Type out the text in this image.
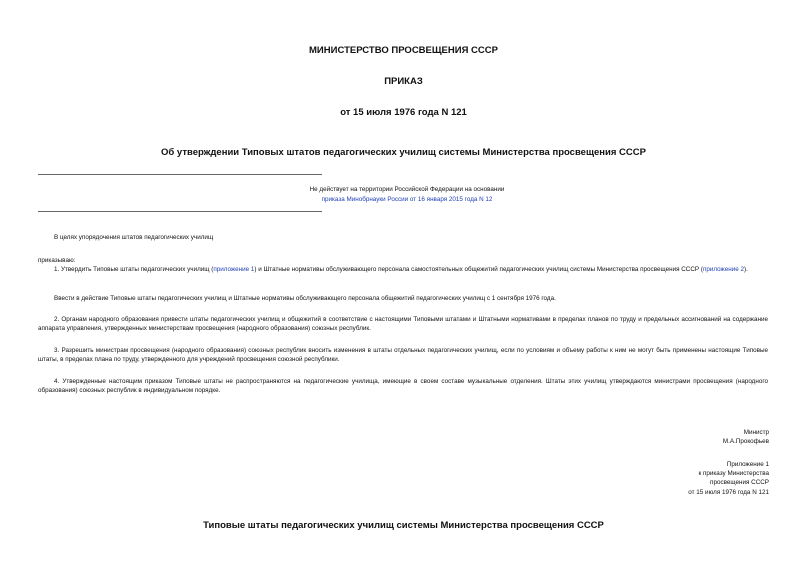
МИНИСТЕРСТВО ПРОСВЕЩЕНИЯ СССР
ПРИКАЗ
от 15 июля 1976 года N 121
Об утверждении Типовых штатов педагогических училищ системы Министерства просвещения СССР
Не действует на территории Российской Федерации на основании
приказа Минобрнауки России от 16 января 2015 года N 12
В целях упорядочения штатов педагогических училищ
приказываю:
1. Утвердить Типовые штаты педагогических училищ (приложение 1) и Штатные нормативы обслуживающего персонала самостоятельных общежитий педагогических училищ системы Министерства просвещения СССР (приложение 2).
Ввести в действие Типовые штаты педагогических училищ и Штатные нормативы обслуживающего персонала общежитий педагогических училищ с 1 сентября 1976 года.
2. Органам народного образования привести штаты педагогических училищ и общежитий в соответствие с настоящими Типовыми штатами и Штатными нормативами в пределах планов по труду и предельных ассигнований на содержание аппарата управления, утвержденных министерствам просвещения (народного образования) союзных республик.
3. Разрешить министрам просвещения (народного образования) союзных республик вносить изменения в штаты отдельных педагогических училищ, если по условиям и объему работы к ним не могут быть применены настоящие Типовые штаты, в пределах плана по труду, утвержденного для учреждений просвещения союзной республики.
4. Утвержденные настоящим приказом Типовые штаты не распространяются на педагогические училища, имеющие в своем составе музыкальные отделения. Штаты этих училищ утверждаются министрами просвещения (народного образования) союзных республик в индивидуальном порядке.
Министр
М.А.Прокофьев
Приложение 1
к приказу Министерства
просвещения СССР
от 15 июля 1976 года N 121
Типовые штаты педагогических училищ системы Министерства просвещения СССР
